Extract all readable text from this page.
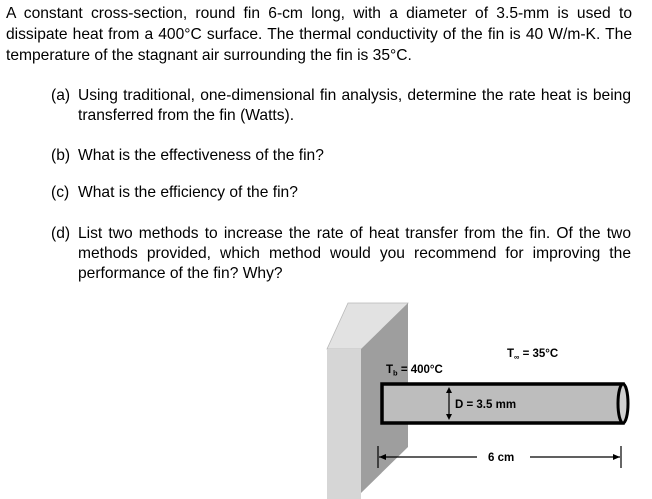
A constant cross-section, round fin 6-cm long, with a diameter of 3.5-mm is used to dissipate heat from a 400°C surface. The thermal conductivity of the fin is 40 W/m-K. The temperature of the stagnant air surrounding the fin is 35°C.
(a) Using traditional, one-dimensional fin analysis, determine the rate heat is being transferred from the fin (Watts).
(b) What is the effectiveness of the fin?
(c) What is the efficiency of the fin?
(d) List two methods to increase the rate of heat transfer from the fin. Of the two methods provided, which method would you recommend for improving the performance of the fin? Why?
$T_b = 400^\circ C$
$T_\infty = 35^\circ C$
D = 3.5 mm
6 cm
